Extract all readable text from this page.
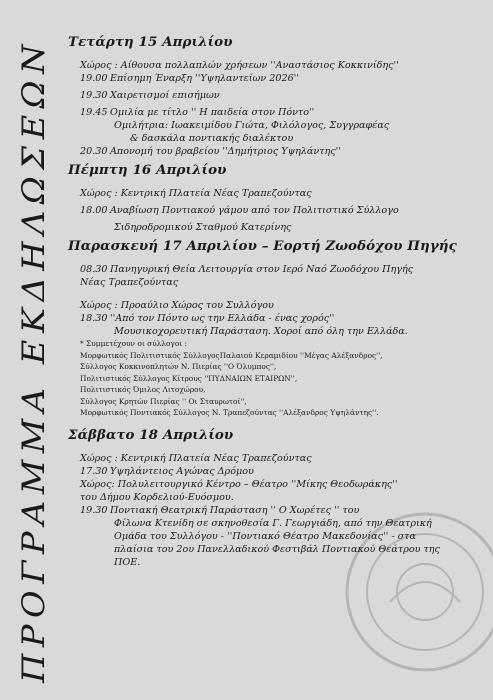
ΠΡΟΓΡΑΜΜΑ ΕΚΔΗΛΩΣΕΩΝ
Τετάρτη 15 Απριλίου
Χώρος : Αίθουσα πολλαπλών χρήσεων ''Αναστάσιος Κοκκινίδης''
19.00 Επίσημη Έναρξη ''Υψηλαντείων 2026''
19.30 Χαιρετισμοί επισήμων
19.45 Ομιλία με τίτλο '' Η παιδεία στον Πόντο''
Ομιλήτρια: Ιωακειμίδου Γιώτα, Φιλόλογος, Συγγραφέας
& δασκάλα ποντιακής διαλέκτου
20.30 Απονομή του βραβείου ''Δημήτριος Υψηλάντης''
Πέμπτη 16 Απριλίου
Χώρος : Κεντρική Πλατεία Νέας Τραπεζούντας
18.00 Αναβίωση Ποντιακού γάμου από τον Πολιτιστικό Σύλλογο
Σιδηροδρομικού Σταθμού Κατερίνης
Παρασκευή 17 Απριλίου – Εορτή Ζωοδόχου Πηγής
08.30 Πανηγυρική Θεία Λειτουργία στον Ιερό Ναό Ζωοδόχου Πηγής
Νέας Τραπεζούντας
Χώρος : Προαύλιο Χώρος του Συλλόγου
18.30 ''Από τον Πόντο ως την Ελλάδα - ένας χορός''
Μουσικοχορευτική Παράσταση. Χοροί από όλη την Ελλάδα.
* Συμμετέχουν οι σύλλογοι :
Μορφωτικός Πολιτιστικός ΣύλλογοςΠαλαιού Κεραμιδίου ''Μέγας Αλέξανδρος'',
Σύλλογος Κοκκινοπλητών Ν. Πιερίας ''Ο Όλυμπος'',
Πολιτιστικός Σύλλογος Κίτρους ''ΠΥΔΝΑΙΩΝ ΕΤΑΙΡΩΝ'',
Πολιτιστικός Όμιλος Λιτοχώρου,
Σύλλογος Κρητών Πιερίας '' Οι Σταυρωτοί'',
Μορφωτικός Ποντιακός Σύλλογος Ν. Τραπεζούντας ''Αλέξανδρος Υψηλάντης''.
Σάββατο 18 Απριλίου
Χώρος : Κεντρική Πλατεία Νέας Τραπεζούντας
17.30 Υψηλάντειος Αγώνας Δρόμου
Χώρος: Πολυλειτουργικό Κέντρο – Θέατρο ''Μίκης Θεοδωράκης''
του Δήμου Κορδελιού-Ευόσμου.
19.30 Ποντιακή Θεατρική Παράσταση '' Ο Χωρέτες '' του
Φίλωνα Κτενίδη σε σκηνοθεσία Γ. Γεωργιάδη, από την Θεατρική
Ομάδα του Συλλόγου - ''Ποντιακό Θέατρο Μακεδονίας'' - στα
πλαίσια του 2ου Πανελλαδικού Φεστιβάλ Ποντιακού Θεάτρου της
ΠΟΕ.
